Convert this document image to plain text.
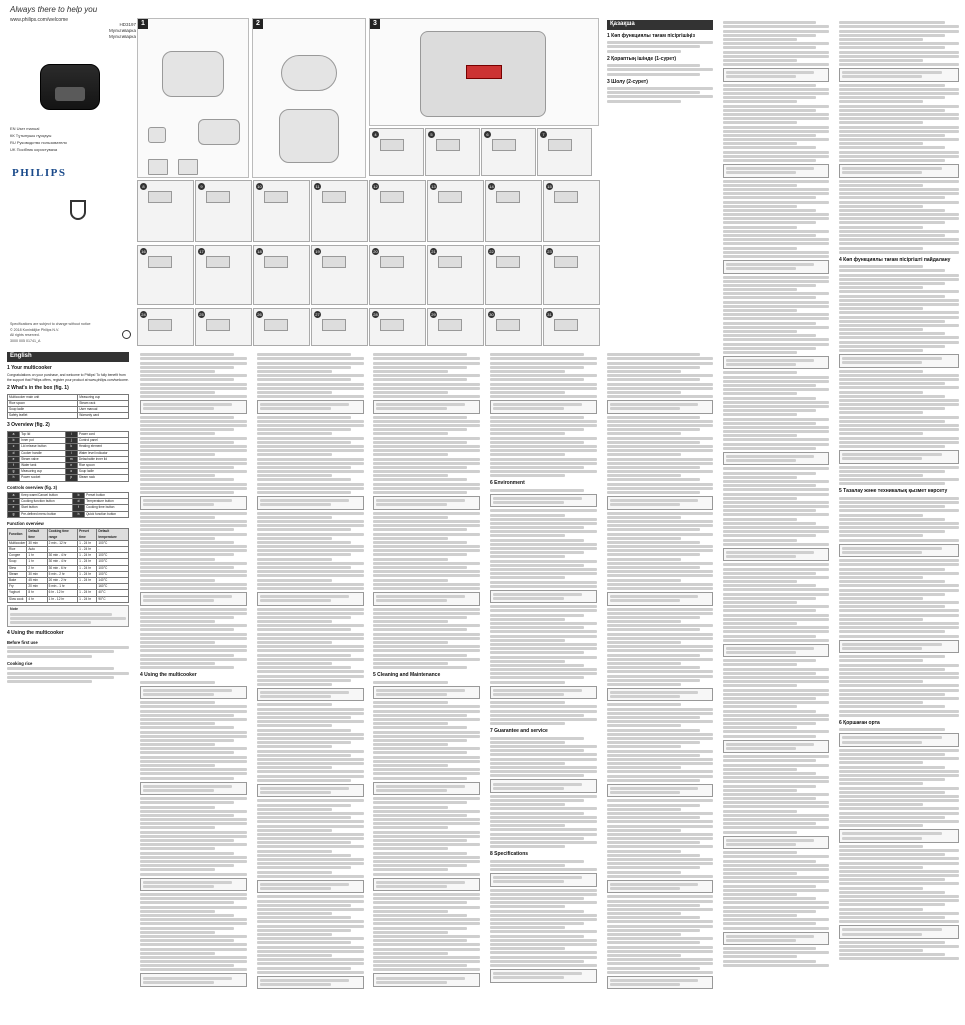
Always there to help you
www.philips.com/welcome
HD3197
Мультиварка
Мультиварка
EN User manual
КК Тұтынушы нұсқауы
RU Руководство пользователя
UK Посібник користувача
PHILIPS
Specifications are subject to change without notice
© 2018 Koninklijke Philips N.V.
All rights reserved.
3000 005 01741_A
1	2	3
4	5	6	7
8	9	10	11	12	13	14	15
16	17	18	19	20	21	22	23
24	25	26	27	28	29	30	31
English
1 Your multicooker
Congratulations on your purchase, and welcome to Philips! To fully benefit from the support that Philips offers, register your product at www.philips.com/welcome.
2 What's in the box (fig. 1)
Multicooker main unit	Measuring cup
Rice spoon	Steam rack
Soup ladle	User manual
Safety leaflet	Warranty card
3 Overview (fig. 2)
a	Top lid	i	Power cord
b	Inner pot	j	Control panel
c	Lid release button	k	Heating element
d	Cooker handle	l	Water level indicator
e	Steam valve	m	Detachable inner lid
f	Water tank	n	Rice spoon
g	Measuring cup	o	Soup ladle
h	Power socket	p	Steam rack
Controls overview (fig. 3)
a	Keep warm/Cancel button	b	Preset button
c	Cooking function button	d	Temperature button
e	Start button	f	Cooking time button
g	Pre-defined menu button	h	Quick function button
Function overview
Function	Default time	Cooking time range	Preset time	Default temperature
Multicooker	30 min	2 min - 12 hr	1 - 24 hr	100°C
Rice	Auto	-	1 - 24 hr	-
Congee	1 hr	30 min - 4 hr	1 - 24 hr	100°C
Soup	1 hr	30 min - 4 hr	1 - 24 hr	100°C
Stew	2 hr	30 min - 6 hr	1 - 24 hr	100°C
Steam	30 min	5 min - 2 hr	1 - 24 hr	100°C
Bake	45 min	20 min - 2 hr	1 - 24 hr	140°C
Fry	20 min	5 min - 1 hr	-	160°C
Yoghurt	8 hr	6 hr - 12 hr	1 - 24 hr	40°C
Slow cook	4 hr	1 hr - 12 hr	1 - 24 hr	90°C
Note
4 Using the multicooker
Before first use
Cooking rice
4 Using the multicooker	5 Cleaning and Maintenance
6 Environment
7 Guarantee and service
8 Specifications
4 Көп функциялы тағам пісіргішті пайдалану
5 Тазалау және техникалық қызмет көрсету
6 Қоршаған орта
Қазақша
1 Көп функциялы тағам пісіргішіңіз
2 Қораптың ішінде (1-сурет)
3 Шолу (2-сурет)
